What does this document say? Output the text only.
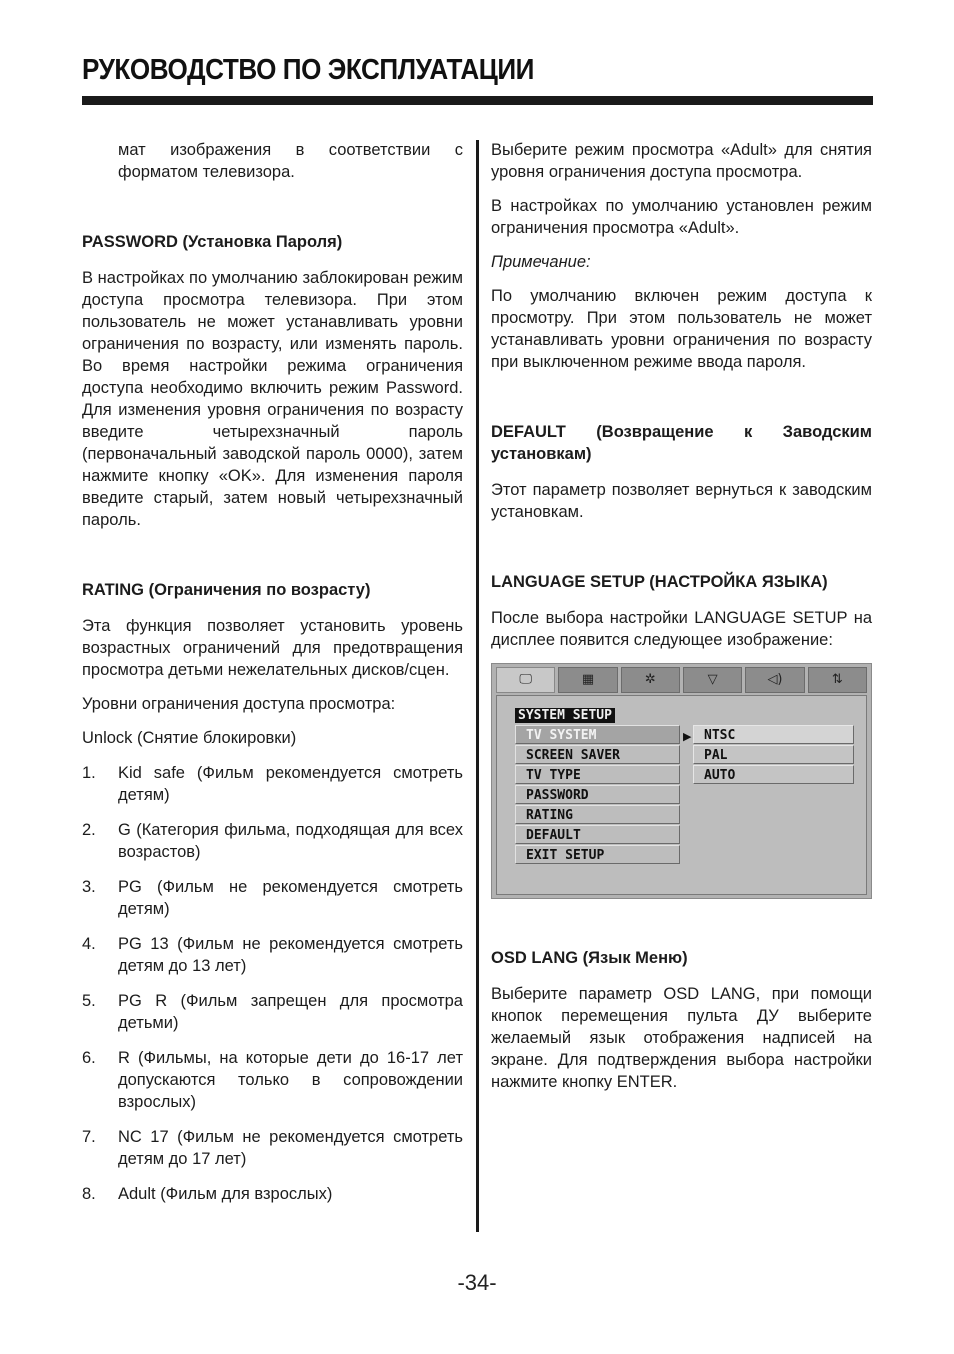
РУКОВОДСТВО ПО ЭКСПЛУАТАЦИИ

мат изображения в соответствии с форматом телевизора.

PASSWORD (Установка Пароля)

В настройках по умолчанию заблокирован режим доступа просмотра телевизора. При этом пользователь не может устанавливать уровни ограничения по возрасту, или изменять пароль. Во время настройки режима ограничения доступа необходимо включить режим Password. Для изменения уровня ограничения по возрасту введите четырехзначный пароль (первоначальный заводской пароль 0000), затем нажмите кнопку «OK». Для изменения пароля введите старый, затем новый четырехзначный пароль.

RATING (Ограничения по возрасту)

Эта функция позволяет установить уровень возрастных ограничений для предотвращения просмотра детьми нежелательных дисков/сцен.

Уровни ограничения доступа просмотра:

Unlock (Снятие блокировки)

1.	Kid safe (Фильм рекомендуется смотреть детям)
2.	G (Категория фильма, подходящая для всех возрастов)
3.	PG (Фильм не рекомендуется смотреть детям)
4.	PG 13 (Фильм не рекомендуется смотреть детям до 13 лет)
5.	PG R (Фильм запрещен для просмотра детьми)
6.	R (Фильмы, на которые дети до 16-17 лет допускаются только в сопровождении взрослых)
7.	NC 17 (Фильм не рекомендуется смотреть детям до 17 лет)
8.	Adult (Фильм для взрослых)

Выберите режим просмотра «Adult» для снятия уровня ограничения доступа просмотра.

В настройках по умолчанию установлен режим ограничения просмотра «Adult».

Примечание:

По умолчанию включен режим доступа к просмотру. При этом пользователь не может устанавливать уровни ограничения по возрасту при выключенном режиме ввода пароля.

DEFAULT (Возвращение к Заводским установкам)

Этот параметр позволяет вернуться к заводским установкам.

LANGUAGE SETUP (НАСТРОЙКА ЯЗЫКА)

После выбора настройки LANGUAGE SETUP на дисплее появится следующее изображение:

🖵	▦	✲	▽	◁)	⇅
SYSTEM SETUP
TV SYSTEM
SCREEN SAVER
TV TYPE
PASSWORD
RATING
DEFAULT
EXIT SETUP
▶ NTSC
PAL
AUTO

OSD LANG (Язык Меню)

Выберите параметр OSD LANG, при помощи кнопок перемещения пульта ДУ выберите желаемый язык отображения надписей на экране. Для подтверждения выбора настройки нажмите кнопку ENTER.

-34-
